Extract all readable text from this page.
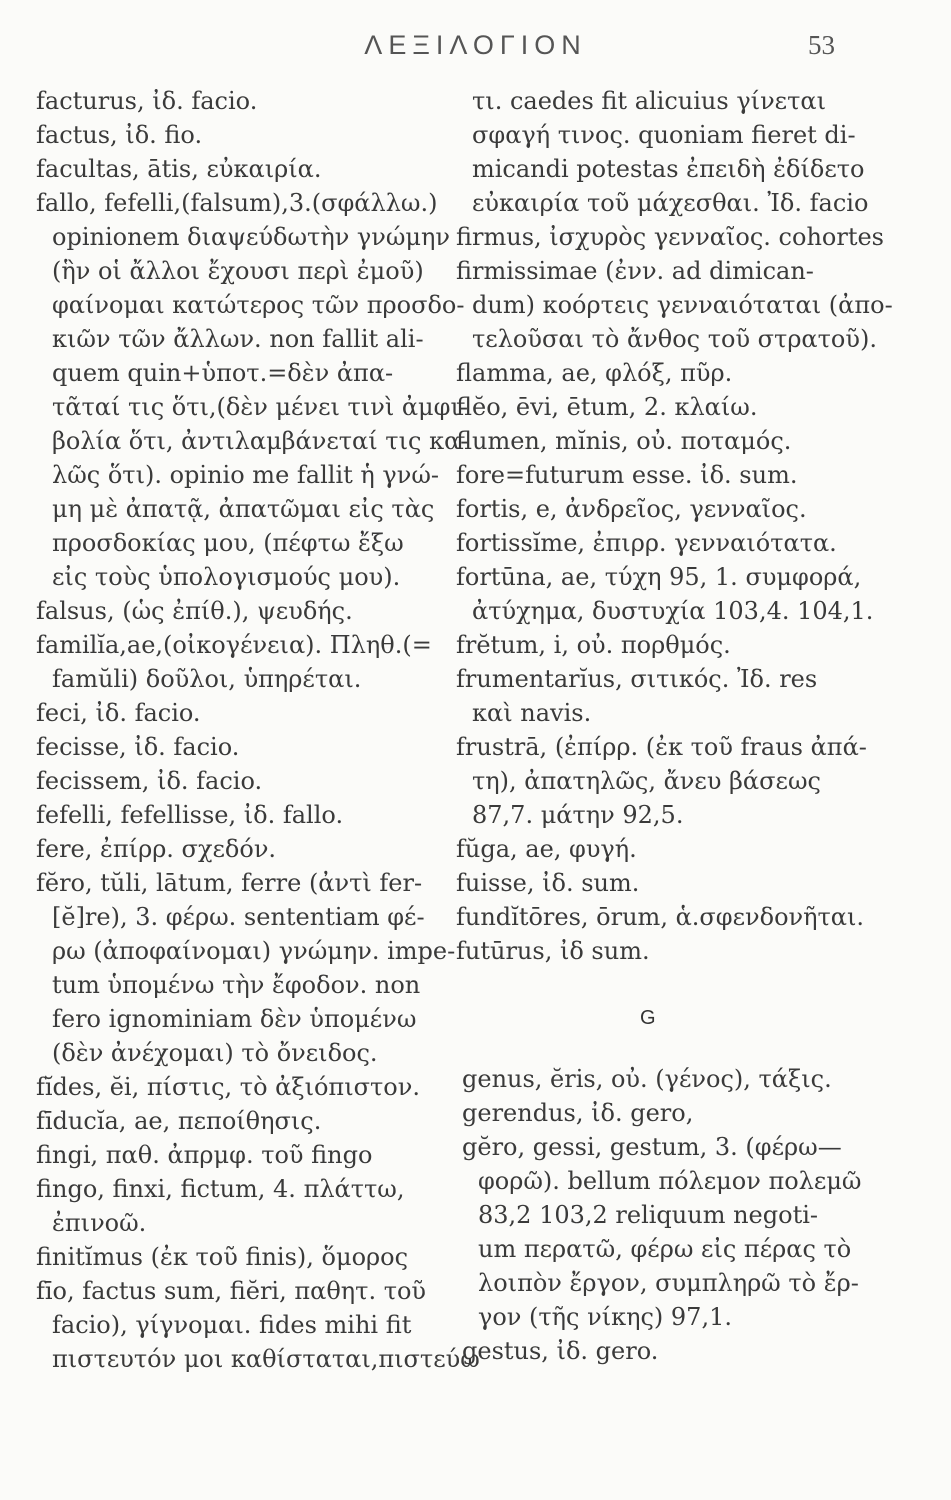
ΛΕΞΙΛΟΓΙΟΝ	53
facturus, ἰδ. facio.
factus, ἰδ. fio.
facultas, ātis, εὐκαιρία.
fallo, fefelli,(falsum),3.(σφάλλω.)
opinionem διαψεύδωτὴν γνώμην
(ἣν οἱ ἄλλοι ἔχουσι περὶ ἐμοῦ)
φαίνομαι κατώτερος τῶν προσδο-
κιῶν τῶν ἄλλων. non fallit ali-
quem quin+ὑποτ.=δὲν ἀπα-
τᾶταί τις ὅτι,(δὲν μένει τινὶ ἀμφι-
βολία ὅτι, ἀντιλαμβάνεταί τις κα-
λῶς ὅτι). opinio me fallit ἡ γνώ-
μη μὲ ἀπατᾷ, ἀπατῶμαι εἰς τὰς
προσδοκίας μου, (πέφτω ἔξω
εἰς τοὺς ὑπολογισμούς μου).
falsus, (ὡς ἐπίθ.), ψευδής.
familĭa,ae,(οἰκογένεια). Πληθ.(=
famŭli) δοῦλοι, ὑπηρέται.
feci, ἰδ. facio.
fecisse, ἰδ. facio.
fecissem, ἰδ. facio.
fefelli, fefellisse, ἰδ. fallo.
fere, ἐπίρρ. σχεδόν.
fĕro, tŭli, lātum, ferre (ἀντὶ fer-
[ĕ]re), 3. φέρω. sententiam φέ-
ρω (ἀποφαίνομαι) γνώμην. impe-
tum ὑπομένω τὴν ἔφοδον. non
fero ignominiam δὲν ὑπομένω
(δὲν ἀνέχομαι) τὸ ὄνειδος.
fĭdes, ĕi, πίστις, τὸ ἀξιόπιστον.
fīducĭa, ae, πεποίθησις.
fingi, παθ. ἀπρμφ. τοῦ fingo
fingo, finxi, fictum, 4. πλάττω,
ἐπινοῶ.
finitĭmus (ἐκ τοῦ finis), ὅμορος
fīo, factus sum, fiĕri, παθητ. τοῦ
facio), γίγνομαι. fides mihi fit
πιστευτόν μοι καθίσταται,πιστεύω
τι. caedes fit alicuius γίνεται
σφαγή τινος. quoniam fieret di-
micandi potestas ἐπειδὴ ἐδίδετο
εὐκαιρία τοῦ μάχεσθαι. Ἰδ. facio
firmus, ἰσχυρὸς γενναῖος. cohortes
firmissimae (ἐνν. ad dimican-
dum) κοόρτεις γενναιόταται (ἀπο-
τελοῦσαι τὸ ἄνθος τοῦ στρατοῦ).
flamma, ae, φλόξ, πῦρ.
flĕo, ēvi, ētum, 2. κλαίω.
flumen, mĭnis, οὐ. ποταμός.
fore=futurum esse. ἰδ. sum.
fortis, e, ἀνδρεῖος, γενναῖος.
fortissĭme, ἐπιρρ. γενναιότατα.
fortūna, ae, τύχη 95, 1. συμφορά,
ἀτύχημα, δυστυχία 103,4. 104,1.
frĕtum, i, οὐ. πορθμός.
frumentarĭus, σιτικός. Ἰδ. res
καὶ navis.
frustrā, (ἐπίρρ. (ἐκ τοῦ fraus ἀπά-
τη), ἀπατηλῶς, ἄνευ βάσεως
87,7. μάτην 92,5.
fŭga, ae, φυγή.
fuisse, ἰδ. sum.
fundĭtōres, ōrum, ἁ.σφενδονῆται.
futūrus, ἰδ sum.
G
genus, ĕris, οὐ. (γένος), τάξις.
gerendus, ἰδ. gero,
gĕro, gessi, gestum, 3. (φέρω—
φορῶ). bellum πόλεμον πολεμῶ
83,2 103,2 reliquum negoti-
um περατῶ, φέρω εἰς πέρας τὸ
λοιπὸν ἔργον, συμπληρῶ τὸ ἔρ-
γον (τῆς νίκης) 97,1.
gestus, ἰδ. gero.
